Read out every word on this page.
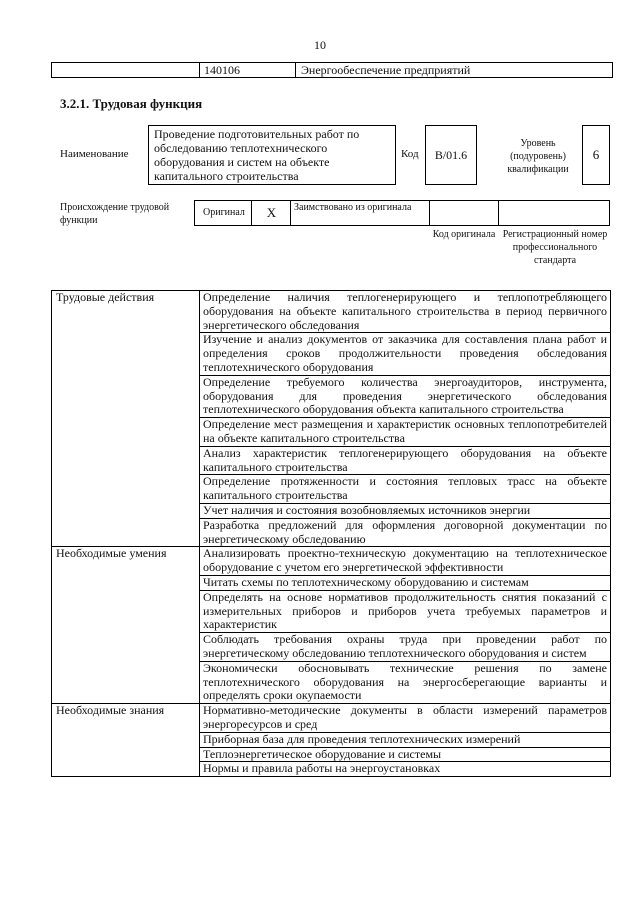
10
140106	Энергообеспечение предприятий
3.2.1. Трудовая функция
Наименование
Проведение подготовительных работ по обследованию теплотехнического оборудования и систем на объекте капитального строительства
Код	B/01.6
Уровень (подуровень) квалификации
6
Происхождение трудовой функции
Оригинал	X	Заимствовано из оригинала
Код оригинала Регистрационный номер профессионального стандарта
Трудовые действия	Определение наличия теплогенерирующего и теплопотребляющего оборудования на объекте капитального строительства в период первичного энергетического обследования
	Изучение и анализ документов от заказчика для составления плана работ и определения сроков продолжительности проведения обследования теплотехнического оборудования
	Определение требуемого количества энергоаудиторов, инструмента, оборудования для проведения энергетического обследования теплотехнического оборудования объекта капитального строительства
	Определение мест размещения и характеристик основных теплопотребителей на объекте капитального строительства
	Анализ характеристик теплогенерирующего оборудования на объекте капитального строительства
	Определение протяженности и состояния тепловых трасс на объекте капитального строительства
	Учет наличия и состояния возобновляемых источников энергии
	Разработка предложений для оформления договорной документации по энергетическому обследованию
Необходимые умения	Анализировать проектно-техническую документацию на теплотехническое оборудование с учетом его энергетической эффективности
	Читать схемы по теплотехническому оборудованию и системам
	Определять на основе нормативов продолжительность снятия показаний с измерительных приборов и приборов учета требуемых параметров и характеристик
	Соблюдать требования охраны труда при проведении работ по энергетическому обследованию теплотехнического оборудования и систем
	Экономически обосновывать технические решения по замене теплотехнического оборудования на энергосберегающие варианты и определять сроки окупаемости
Необходимые знания	Нормативно-методические документы в области измерений параметров энергоресурсов и сред
	Приборная база для проведения теплотехнических измерений
	Теплоэнергетическое оборудование и системы
	Нормы и правила работы на энергоустановках
